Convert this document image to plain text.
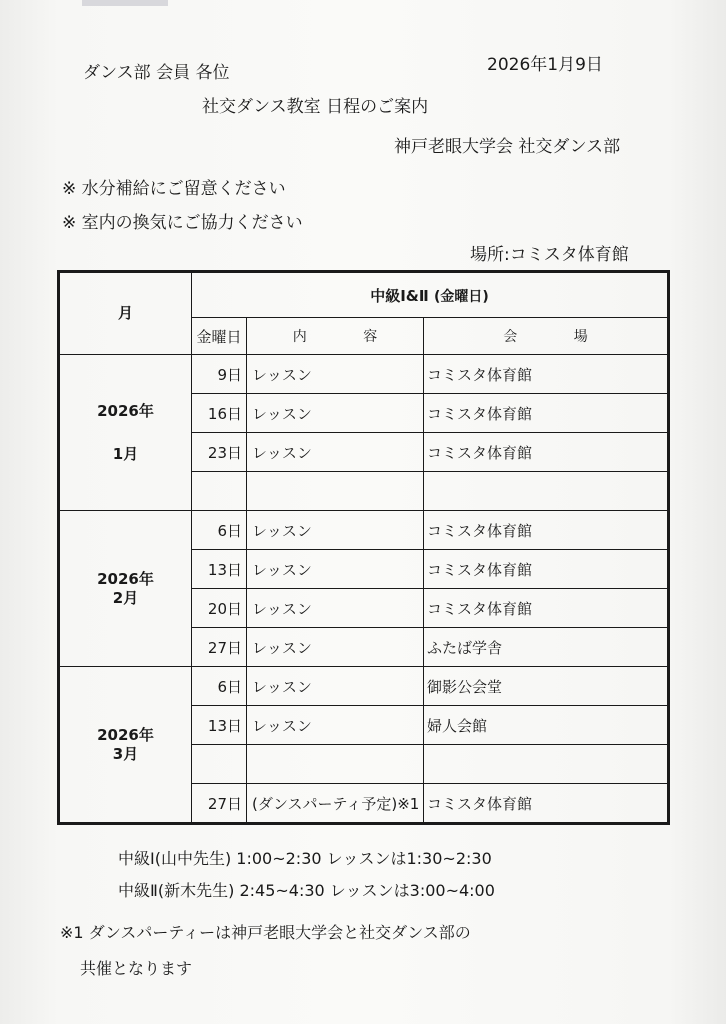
ダンス部 会員 各位	2026年1月9日
社交ダンス教室 日程のご案内
神戸老眼大学会 社交ダンス部
※ 水分補給にご留意ください
※ 室内の換気にご協力ください
場所:コミスタ体育館
月	中級Ⅰ&Ⅱ (金曜日)		
	金曜日	内 容	会 場

2026年
1月	9日	レッスン	コミスタ体育館
	16日	レッスン	コミスタ体育館
	23日	レッスン	コミスタ体育館

2026年
2月	6日	レッスン	コミスタ体育館
	13日	レッスン	コミスタ体育館
	20日	レッスン	コミスタ体育館
	27日	レッスン	ふたば学舎

2026年
3月	6日	レッスン	御影公会堂
	13日	レッスン	婦人会館

	27日	(ダンスパーティ予定)※1	コミスタ体育館
中級Ⅰ(山中先生) 1:00~2:30 レッスンは1:30~2:30
中級Ⅱ(新木先生) 2:45~4:30 レッスンは3:00~4:00
※1 ダンスパーティーは神戸老眼大学会と社交ダンス部の
共催となります
